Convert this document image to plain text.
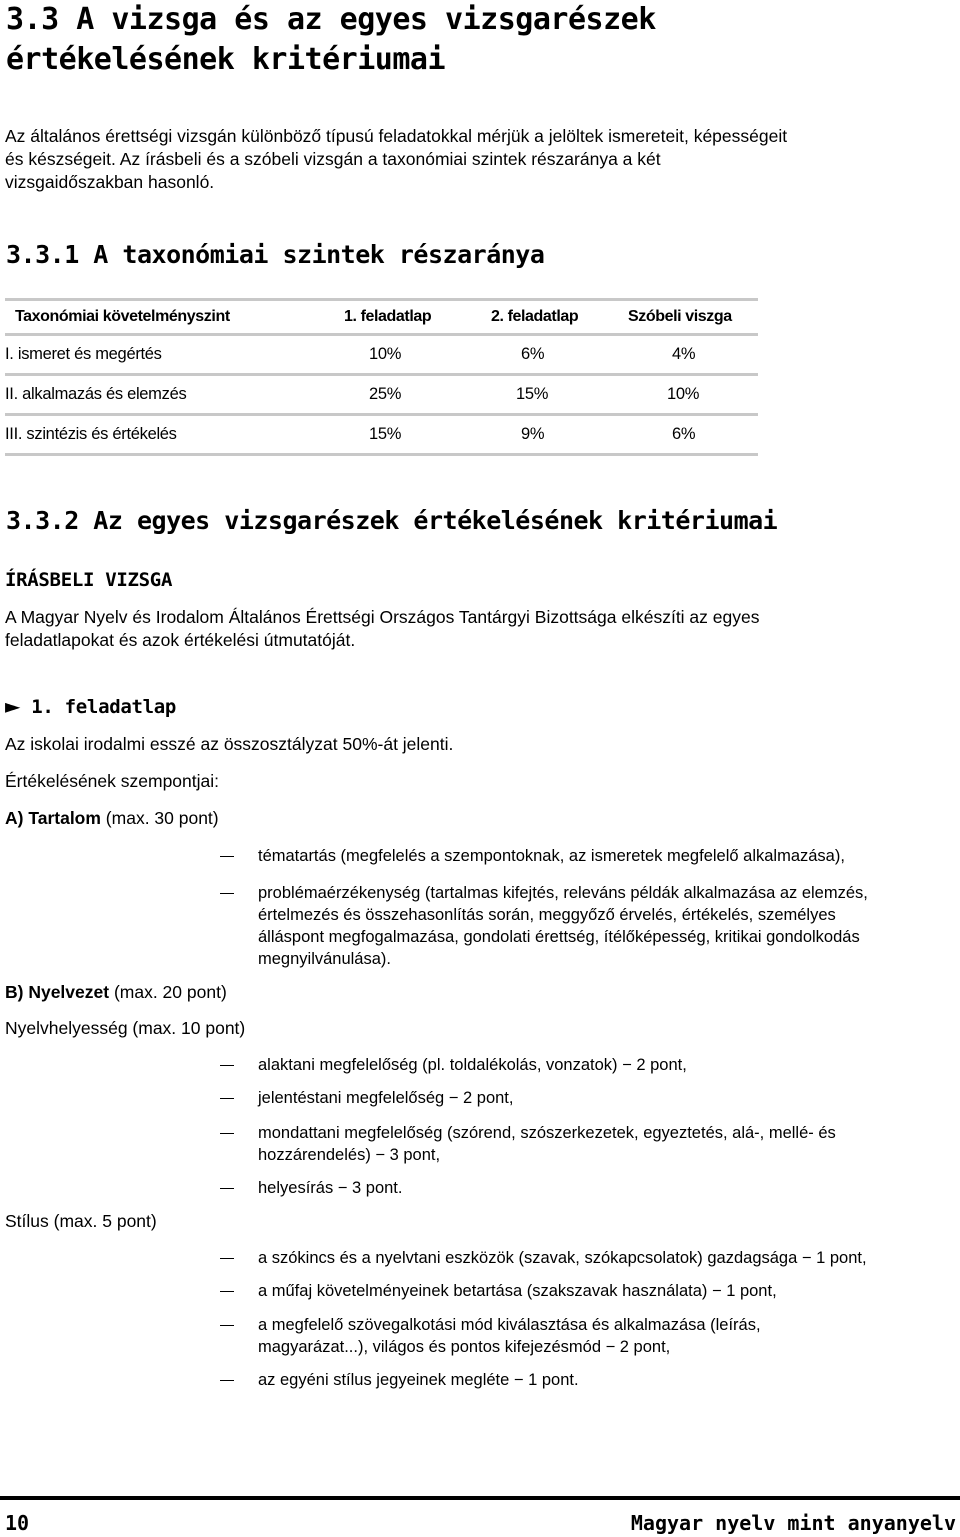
3.3 A vizsga és az egyes vizsgarészek
értékelésének kritériumai
Az általános érettségi vizsgán különböző típusú feladatokkal mérjük a jelöltek ismereteit, képességeit
és készségeit. Az írásbeli és a szóbeli vizsgán a taxonómiai szintek részaránya a két
vizsgaidőszakban hasonló.
3.3.1 A taxonómiai szintek részaránya
Taxonómiai követelményszint	1. feladatlap	2. feladatlap	Szóbeli viszga
I. ismeret és megértés	10%	6%	4%
II. alkalmazás és elemzés	25%	15%	10%
III. szintézis és értékelés	15%	9%	6%
3.3.2 Az egyes vizsgarészek értékelésének kritériumai
ÍRÁSBELI VIZSGA
A Magyar Nyelv és Irodalom Általános Érettségi Országos Tantárgyi Bizottsága elkészíti az egyes
feladatlapokat és azok értékelési útmutatóját.
► 1. feladatlap
Az iskolai irodalmi esszé az összosztályzat 50%-át jelenti.
Értékelésének szempontjai:
A) Tartalom (max. 30 pont)
tématartás (megfelelés a szempontoknak, az ismeretek megfelelő alkalmazása),
problémaérzékenység (tartalmas kifejtés, releváns példák alkalmazása az elemzés,
értelmezés és összehasonlítás során, meggyőző érvelés, értékelés, személyes
álláspont megfogalmazása, gondolati érettség, ítélőképesség, kritikai gondolkodás
megnyilvánulása).
B) Nyelvezet (max. 20 pont)
Nyelvhelyesség (max. 10 pont)
alaktani megfelelőség (pl. toldalékolás, vonzatok) − 2 pont,
jelentéstani megfelelőség − 2 pont,
mondattani megfelelőség (szórend, szószerkezetek, egyeztetés, alá-, mellé- és
hozzárendelés) − 3 pont,
helyesírás − 3 pont.
Stílus (max. 5 pont)
a szókincs és a nyelvtani eszközök (szavak, szókapcsolatok) gazdagsága − 1 pont,
a műfaj követelményeinek betartása (szakszavak használata) − 1 pont,
a megfelelő szövegalkotási mód kiválasztása és alkalmazása (leírás,
magyarázat...), világos és pontos kifejezésmód − 2 pont,
az egyéni stílus jegyeinek megléte − 1 pont.
10	Magyar nyelv mint anyanyelv
